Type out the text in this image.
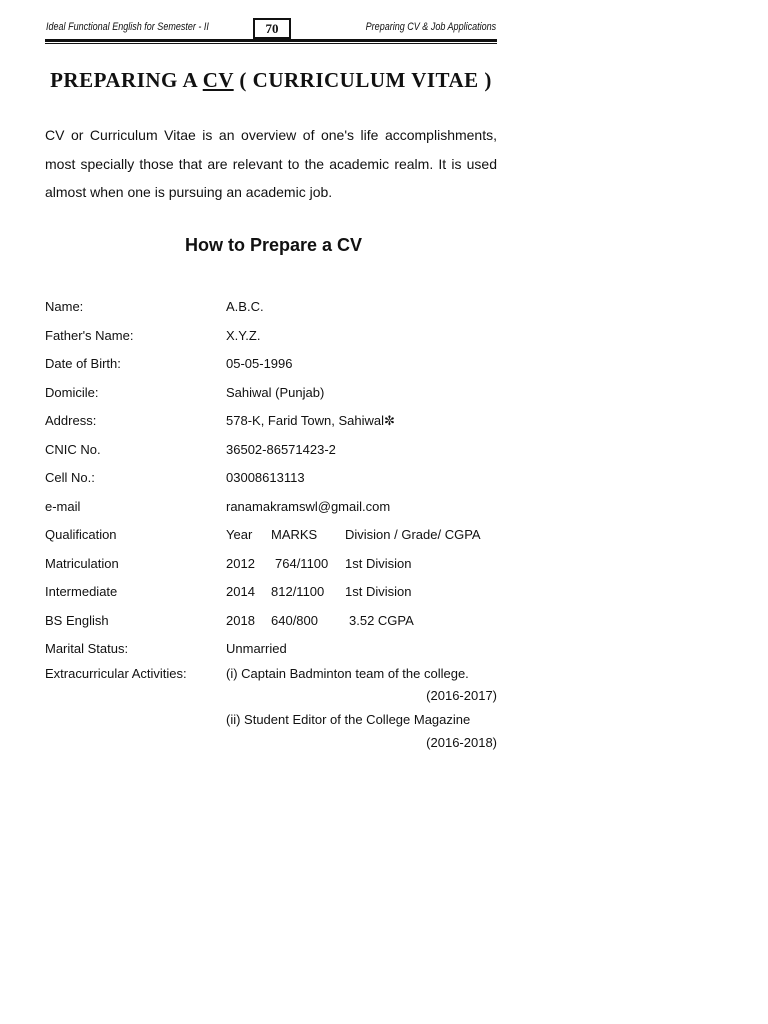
Ideal Functional English for Semester - II	70	Preparing CV & Job Applications
PREPARING A CV ( CURRICULUM VITAE )
CV or Curriculum Vitae is an overview of one's life accomplishments, most specially those that are relevant to the academic realm. It is used almost when one is pursuing an academic job.
How to Prepare a CV
Name:	A.B.C.
Father's Name:	X.Y.Z.
Date of Birth:	05-05-1996
Domicile:	Sahiwal (Punjab)
Address:	578-K, Farid Town, Sahiwal✼
CNIC No.	36502-86571423-2
Cell No.:	03008613113
e-mail	ranamakramswl@gmail.com
Qualification	Year MARKS Division / Grade/ CGPA
Matriculation	2012 764/1100 1st Division
Intermediate	2014 812/1100 1st Division
BS English	2018 640/800 3.52 CGPA
Marital Status:	Unmarried
Extracurricular Activities:	(i) Captain Badminton team of the college.
(2016-2017)
(ii) Student Editor of the College Magazine
(2016-2018)
